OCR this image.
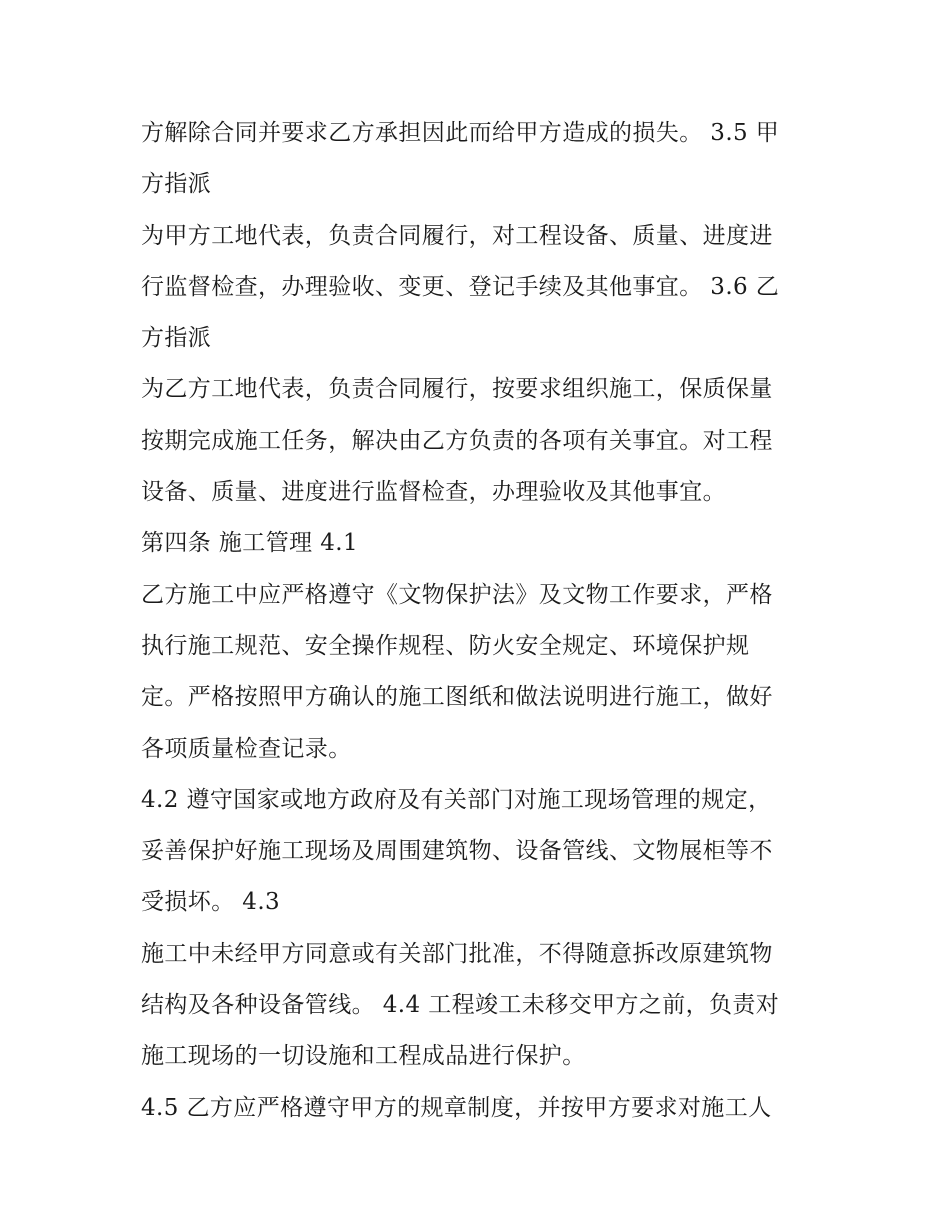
方解除合同并要求乙方承担因此而给甲方造成的损失。 3.5 甲
方指派
为甲方工地代表，负责合同履行，对工程设备、质量、进度进
行监督检查，办理验收、变更、登记手续及其他事宜。 3.6 乙
方指派
为乙方工地代表，负责合同履行，按要求组织施工，保质保量
按期完成施工任务，解决由乙方负责的各项有关事宜。对工程
设备、质量、进度进行监督检查，办理验收及其他事宜。
第四条 施工管理 4.1
乙方施工中应严格遵守《文物保护法》及文物工作要求，严格
执行施工规范、安全操作规程、防火安全规定、环境保护规
定。严格按照甲方确认的施工图纸和做法说明进行施工，做好
各项质量检查记录。
4.2 遵守国家或地方政府及有关部门对施工现场管理的规定，
妥善保护好施工现场及周围建筑物、设备管线、文物展柜等不
受损坏。 4.3
施工中未经甲方同意或有关部门批准，不得随意拆改原建筑物
结构及各种设备管线。 4.4 工程竣工未移交甲方之前，负责对
施工现场的一切设施和工程成品进行保护。
4.5 乙方应严格遵守甲方的规章制度，并按甲方要求对施工人
